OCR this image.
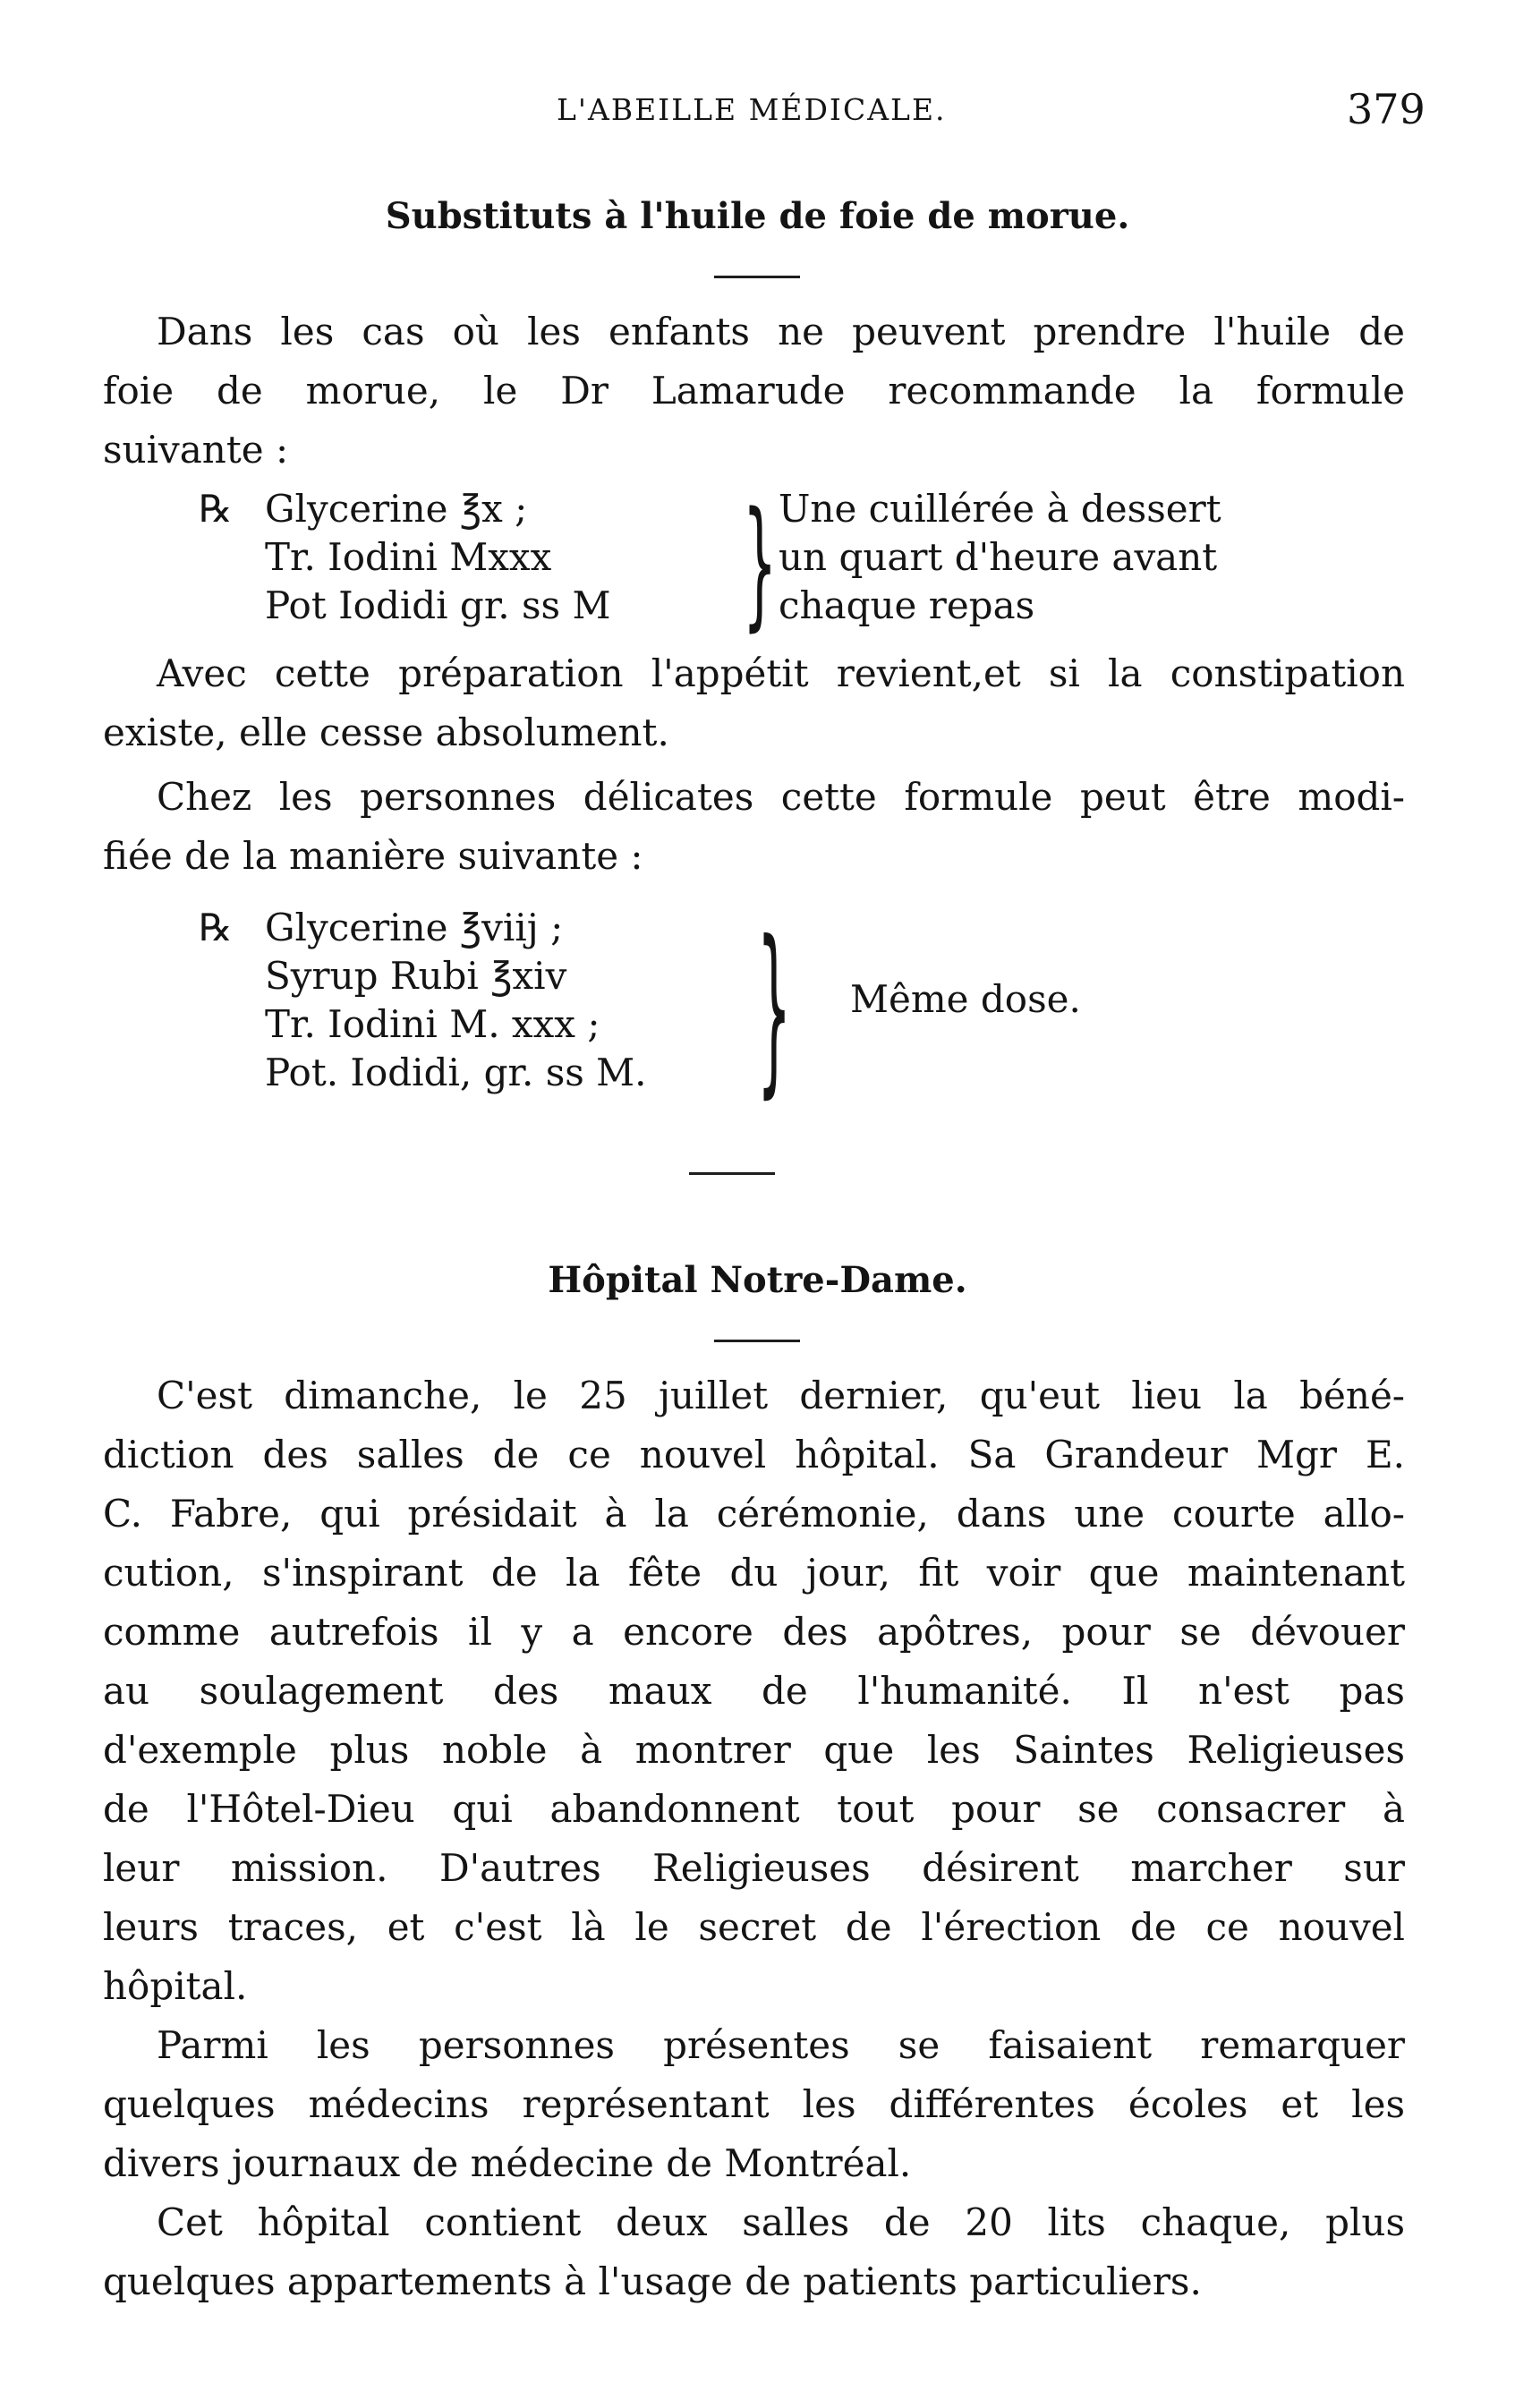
L'ABEILLE MÉDICALE.	379
Substituts à l'huile de foie de morue.
Dans les cas où les enfants ne peuvent prendre l'huile de
foie de morue, le Dr Lamarude recommande la formule
suivante :
℞ Glycerine ℥x ;
Tr. Iodini Mxxx
Pot Iodidi gr. ss M } Une cuillérée à dessert
un quart d'heure avant
chaque repas
Avec cette préparation l'appétit revient,et si la constipation
existe, elle cesse absolument.
Chez les personnes délicates cette formule peut être modi-
fiée de la manière suivante :
℞ Glycerine ℥viij ;
Syrup Rubi ℥xiv
Tr. Iodini M. xxx ;
Pot. Iodidi, gr. ss M. } Même dose.
Hôpital Notre-Dame.
C'est dimanche, le 25 juillet dernier, qu'eut lieu la béné-
diction des salles de ce nouvel hôpital. Sa Grandeur Mgr E.
C. Fabre, qui présidait à la cérémonie, dans une courte allo-
cution, s'inspirant de la fête du jour, fit voir que maintenant
comme autrefois il y a encore des apôtres, pour se dévouer
au soulagement des maux de l'humanité. Il n'est pas
d'exemple plus noble à montrer que les Saintes Religieuses
de l'Hôtel-Dieu qui abandonnent tout pour se consacrer à
leur mission. D'autres Religieuses désirent marcher sur
leurs traces, et c'est là le secret de l'érection de ce nouvel
hôpital.
Parmi les personnes présentes se faisaient remarquer
quelques médecins représentant les différentes écoles et les
divers journaux de médecine de Montréal.
Cet hôpital contient deux salles de 20 lits chaque, plus
quelques appartements à l'usage de patients particuliers.
